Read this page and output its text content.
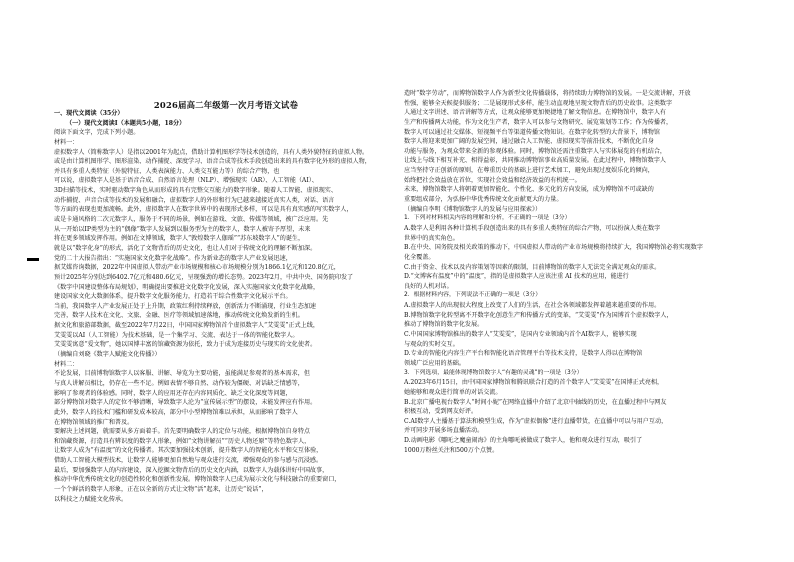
2026届高二年级第一次月考语文试卷
一、现代文阅读（35分）
（一）现代文阅读Ⅰ（本题共5小题，18分）
阅读下面文字，完成下列小题。
材料一：
虚拟数字人（简称数字人）是指以2001年为起点，借助计算机图形学等技术创造的，具有人类外貌特征的虚拟人物。
或是由计算机图形学、图形渲染、动作捕捉、深度学习、语音合成等技术手段创造出来的具有数字化外形的虚拟人物，
并具有多重人类特征（外貌特征、人类表演能力、人类交互能力等）的综合产物，也
可以说，虚拟数字人是基于语音合成、自然语言处理（NLP）、增强现实（AR）、人工智能（AI）、
3D扫描等技术，实时驱动数字角色从而形成的具有完整交互能力的数字形象。随着人工智能、虚拟现实、
动作捕捉、声音合成等技术的发展和融合，虚拟数字人的外形和行为已越来越接近真实人类，对话、语言
等方面的表现也更加流畅。此外，虚拟数字人在数字世界中的表现形式多样，可以是具有真实感的写实数字人，
或是卡通风格的二次元数字人，服务于不同的场景，例如在游戏、文旅、传媒等领域，被广泛应用。先
从一开始以IP类型为主的“偶像”数字人发展到以服务型为主的数字人，数字人被寄予厚望，未来
将在更多领域发挥作用。例如在文博领域，数字人“敦煌数字人伽瑶”“苏东坡数字人”的诞生，
就是以“数字化身”的形式，活化了文物背后的历史文化，也让人们对于传统文化的理解不断加深。
党的二十大报告指出：“实施国家文化数字化战略”。作为新业态的数字人产业发展迅速，
据艾媒咨询数据，2022年中国虚拟人带动产业市场规模和核心市场规模分别为1866.1亿元和120.8亿元，
预计2025年分别达到6402.7亿元和480.6亿元，呈现强劲的增长态势。2023年2月，中共中央、国务院印发了
《数字中国建设整体布局规划》，明确提出要推进文化数字化发展，深入实施国家文化数字化战略，
建设国家文化大数据体系，提升数字文化服务能力，打造若干综合性数字文化展示平台。
当前，我国数字人产业发展正处于上升期，政策红利持续释放，创新活力不断涌现，行业生态加速
完善，数字人技术在文化、文旅、金融、医疗等领域加速落地，推动传统文化焕发新的生机。
据文化和旅游部数据，截至2022年7月22日，中国国家博物馆首个虚拟数字人“艾雯雯”正式上线，
艾雯雯以AI（人工智能）为技术基础，是一个集学习、交流、表达于一体的智能化数字人。
艾雯雯寓意“爱文物”，她以国博丰富的馆藏资源为依托，致力于成为连接历史与现实的文化使者。
（摘编自刘晓《数字人赋能文化传播》）
材料二：
不论发展，目前博物馆数字人以客服、讲解、导览为主要功能，虽能满足参观者的基本需求，但
与真人讲解员相比，仍存在一些不足。例如表情不够自然、动作较为僵硬、对话缺乏情感等，
影响了参观者的体验感。同时，数字人的应用还存在内容同质化、缺乏文化深度等问题，
部分博物馆对数字人的定位不够清晰，导致数字人沦为“宣传展示型”的摆设，未能发挥应有作用。
此外，数字人的技术门槛和研发成本较高，部分中小型博物馆难以承担，从而影响了数字人
在博物馆领域的推广和普及。
要解决上述问题，就需要从多方面着手。首先要明确数字人的定位与功能，根据博物馆自身特点
和馆藏资源，打造具有辨识度的数字人形象，例如“文物讲解员”“历史人物还原”等特色数字人，
让数字人成为“有温度”的文化传播者。其次要加强技术创新，提升数字人的智能化水平和交互体验，
借助人工智能大模型技术，让数字人能够更加自然地与观众进行交流，增强观众的参与感与沉浸感。
最后，要加强数字人的内容建设，深入挖掘文物背后的历史文化内涵，以数字人为载体讲好中国故事，
推动中华优秀传统文化的创造性转化和创新性发展。博物馆数字人已成为展示文化与科技融合的重要窗口，
一个个鲜活的数字人形象，正在以全新的方式让文物“活”起来，让历史“说话”，
以科技之力赋能文化传承。
造时“数字劳动”，而博物馆数字人作为新型文化传播载体，将持续助力博物馆的发展。一是交流讲解，开放
性强，能够全天候提供服务；二是展现形式多样，能生动直观地呈现文物背后的历史故事。这类数字
人通过文字讲述、语音讲解等方式，让观众能够更加便捷地了解文物信息。在博物馆中，数字人有
生产和传播两大功能，作为文化生产者，数字人可以参与文物研究、展览策划等工作；作为传播者，
数字人可以通过社交媒体、短视频平台等渠道传播文物知识。在数字化转型的大背景下，博物馆
数字人将迎来更加广阔的发展空间，通过融合人工智能、虚拟现实等前沿技术，不断优化自身
功能与服务，为观众带来全新的参观体验。同时，博物馆还需注重数字人与实体展览的有机结合，
让线上与线下相互补充、相得益彰，共同推动博物馆事业高质量发展。在此过程中，博物馆数字人
应当坚持守正创新的原则，在尊重历史的基础上进行艺术加工，避免出现过度娱乐化的倾向，
始终把社会效益放在首位，实现社会效益和经济效益的有机统一。
未来，博物馆数字人将朝着更加智能化、个性化、多元化的方向发展，成为博物馆不可或缺的
重要组成部分，为弘扬中华优秀传统文化贡献更大的力量。
（摘编自李明《博物馆数字人的发展与应用探索》）
1．下列对材料相关内容的理解和分析，不正确的一项是（3分）
A.数字人是利用各种计算机手段创造出来的具有多重人类特征的综合产物，可以扮演人类在数字
世界中的真实角色。
B.在中央、国务院及相关政策的推动下，中国虚拟人带动的产业市场规模将持续扩大，我国博物馆必将实现数字
化全覆盖。
C.由于资金、技术以及内容策划等因素的限制，目前博物馆的数字人无法完全满足观众的需求。
D.“文博客有温度”中的“温度”，指的是虚拟数字人应该注重 AI 技术的应用，能进行
良好的人机对话。
2．根据材料内容，下列说法不正确的一项是（3分）
A.虚拟数字人的出现很大程度上改变了人们的生活，在社会各领域都发挥着越来越重要的作用。
B.博物馆数字化转型离不开数字化创意生产和传播方式的变革，“艾雯雯”作为国博首个虚拟数字人，
推动了博物馆的数字化发展。
C.中国国家博物馆推出的数字人“艾雯雯”，是国内专业领域内首个AI数字人，能够实现
与观众的实时交互。
D.专业的智能化内容生产平台和智能化语音管理平台等技术支持，是数字人得以在博物馆
领域广泛应用的基础。
3．下列选项，最能体现博物馆数字人“有趣的灵魂”的一项是（3分）
A.2023年6月15日，由中国国家博物馆和腾讯联合打造的首个数字人“艾雯雯”在国博正式亮相，
她能够和观众进行简单的对话交流。
B.北京广播电视台数字人“时间小妮”在网络直播中介绍了北京中轴线的历史，在直播过程中与网友
积极互动，受到网友好评。
C.AI数字人主播基于算法和模型生成，作为“虚拟偶像”进行直播带货，在直播中可以与用户互动，
并可同步开展多场直播活动。
D.动画电影《哪吒之魔童闹海》的主角哪吒被做成了数字人，他和观众进行互动，吸引了
1000万粉丝关注和500万个点赞。
